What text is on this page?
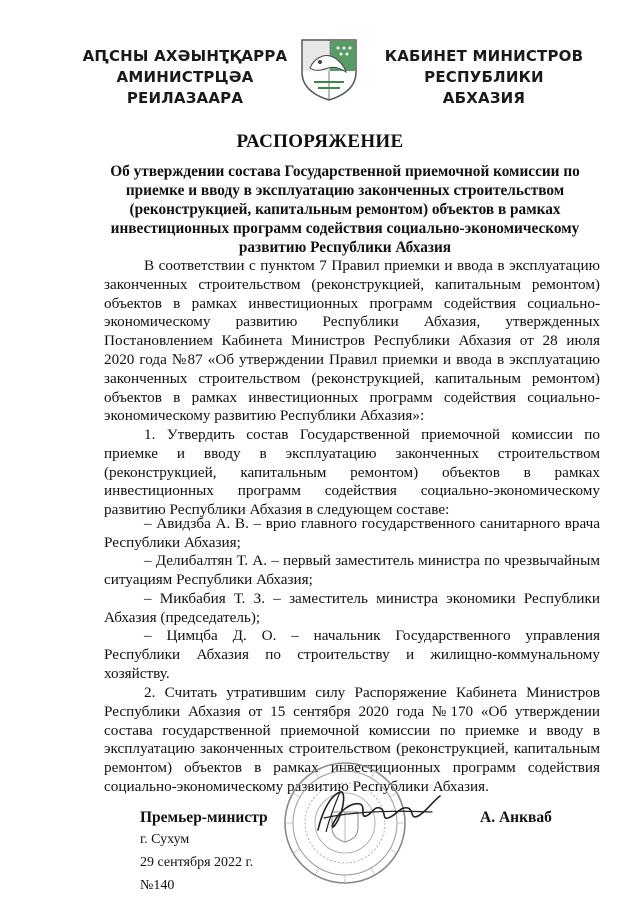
АԤСНЫ АХӘЫНҬҚАРРА
АМИНИСТРЦӘА РЕИЛАЗААРА
КАБИНЕТ МИНИСТРОВ
РЕСПУБЛИКИ АБХАЗИЯ
РАСПОРЯЖЕНИЕ
Об утверждении состава Государственной приемочной комиссии по приемке и вводу в эксплуатацию законченных строительством (реконструкцией, капитальным ремонтом) объектов в рамках инвестиционных программ содействия социально-экономическому развитию Республики Абхазия

В соответствии с пунктом 7 Правил приемки и ввода в эксплуатацию законченных строительством (реконструкцией, капитальным ремонтом) объектов в рамках инвестиционных программ содействия социально-экономическому развитию Республики Абхазия, утвержденных Постановлением Кабинета Министров Республики Абхазия от 28 июля 2020 года №87 «Об утверждении Правил приемки и ввода в эксплуатацию законченных строительством (реконструкцией, капитальным ремонтом) объектов в рамках инвестиционных программ содействия социально-экономическому развитию Республики Абхазия»:

1. Утвердить состав Государственной приемочной комиссии по приемке и вводу в эксплуатацию законченных строительством (реконструкцией, капитальным ремонтом) объектов в рамках инвестиционных программ содействия социально-экономическому развитию Республики Абхазия в следующем составе:

– Авидзба А. В. – врио главного государственного санитарного врача Республики Абхазия;

– Делибалтян Т. А. – первый заместитель министра по чрезвычайным ситуациям Республики Абхазия;

– Микбабия Т. З. – заместитель министра экономики Республики Абхазия (председатель);

– Цимцба Д. О. – начальник Государственного управления Республики Абхазия по строительству и жилищно-коммунальному хозяйству.

2. Считать утратившим силу Распоряжение Кабинета Министров Республики Абхазия от 15 сентября 2020 года №170 «Об утверждении состава государственной приемочной комиссии по приемке и вводу в эксплуатацию законченных строительством (реконструкцией, капитальным ремонтом) объектов в рамках инвестиционных программ содействия социально-экономическому развитию Республики Абхазия.

Премьер-министр	А. Анкваб
г. Сухум
29 сентября 2022 г.
№140
